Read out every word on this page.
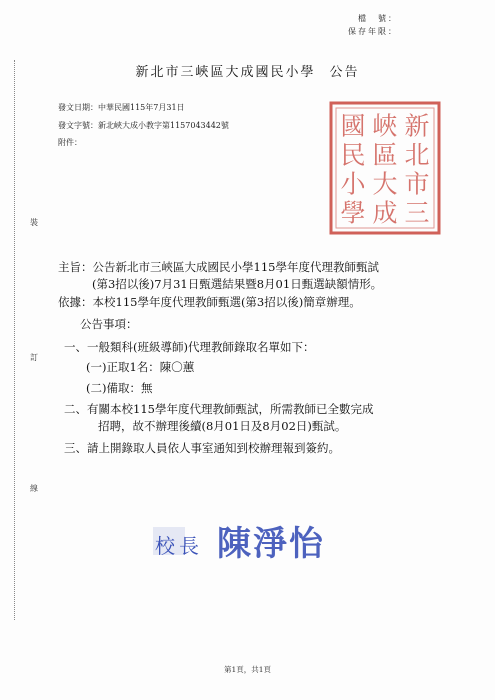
檔　號：
保存年限：
新北市三峽區大成國民小學 公告
發文日期：中華民國115年7月31日
發文字號：新北峽大成小教字第1157043442號
附件：
裝
訂
線
新
北
市
三
峽
區
大
成
國
民
小
學
主旨：公告新北市三峽區大成國民小學115學年度代理教師甄試
(第3招以後)7月31日甄選結果暨8月01日甄選缺額情形。
依據：本校115學年度代理教師甄選(第3招以後)簡章辦理。
公告事項：
一、一般類科(班級導師)代理教師錄取名單如下：
(一)正取1名：陳〇蕙
(二)備取：無
二、有關本校115學年度代理教師甄試，所需教師已全數完成
招聘，故不辦理後續(8月01日及8月02日)甄試。
三、請上開錄取人員依人事室通知到校辦理報到簽約。
校 長 陳 淨 怡
第1頁，共1頁
